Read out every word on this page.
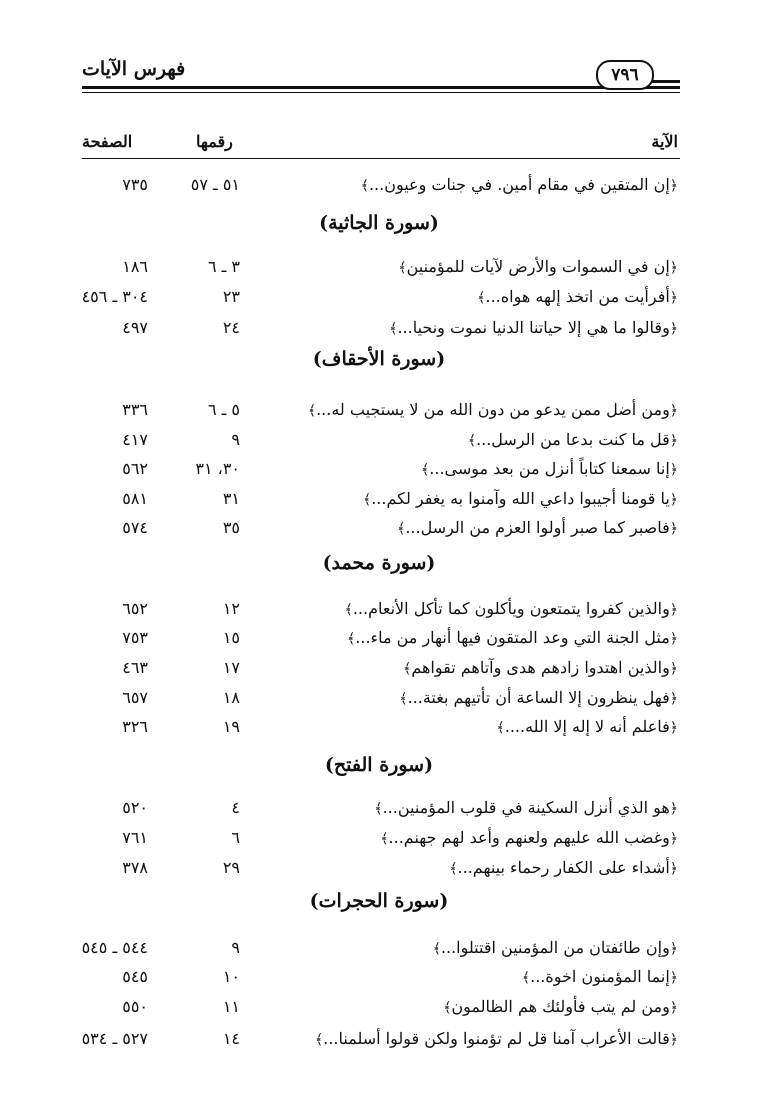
فهرس الآيات	٧٩٦
الآية
رقمها
الصفحة
﴿إن المتقين في مقام أمين. في جنات وعيون...﴾
٥١ ـ ٥٧
٧٣٥
(سورة الجاثية)
﴿إن في السموات والأرض لآيات للمؤمنين﴾
٣ ـ ٦
١٨٦
﴿أفرأيت من اتخذ إلهه هواه...﴾
٢٣
٣٠٤ ـ ٤٥٦
﴿وقالوا ما هي إلا حياتنا الدنيا نموت ونحيا...﴾
٢٤
٤٩٧
(سورة الأحقاف)
﴿ومن أضل ممن يدعو من دون الله من لا يستجيب له...﴾
٥ ـ ٦
٣٣٦
﴿قل ما كنت بدعا من الرسل...﴾
٩
٤١٧
﴿إنا سمعنا كتاباً أنزل من بعد موسى...﴾
٣٠، ٣١
٥٦٢
﴿يا قومنا أجيبوا داعي الله وآمنوا به يغفر لكم...﴾
٣١
٥٨١
﴿فاصبر كما صبر أولوا العزم من الرسل...﴾
٣٥
٥٧٤
(سورة محمد)
﴿والذين كفروا يتمتعون ويأكلون كما تأكل الأنعام...﴾
١٢
٦٥٢
﴿مثل الجنة التي وعد المتقون فيها أنهار من ماء...﴾
١٥
٧٥٣
﴿والذين اهتدوا زادهم هدى وآتاهم تقواهم﴾
١٧
٤٦٣
﴿فهل ينظرون إلا الساعة أن تأتيهم بغتة...﴾
١٨
٦٥٧
﴿فاعلم أنه لا إله إلا الله....﴾
١٩
٣٢٦
(سورة الفتح)
﴿هو الذي أنزل السكينة في قلوب المؤمنين...﴾
٤
٥٢٠
﴿وغضب الله عليهم ولعنهم وأعد لهم جهنم...﴾
٦
٧٦١
﴿أشداء على الكفار رحماء بينهم...﴾
٢٩
٣٧٨
(سورة الحجرات)
﴿وإن طائفتان من المؤمنين اقتتلوا...﴾
٩
٥٤٤ ـ ٥٤٥
﴿إنما المؤمنون اخوة...﴾
١٠
٥٤٥
﴿ومن لم يتب فأولئك هم الظالمون﴾
١١
٥٥٠
﴿قالت الأعراب آمنا قل لم تؤمنوا ولكن قولوا أسلمنا...﴾
١٤
٥٢٧ ـ ٥٣٤
